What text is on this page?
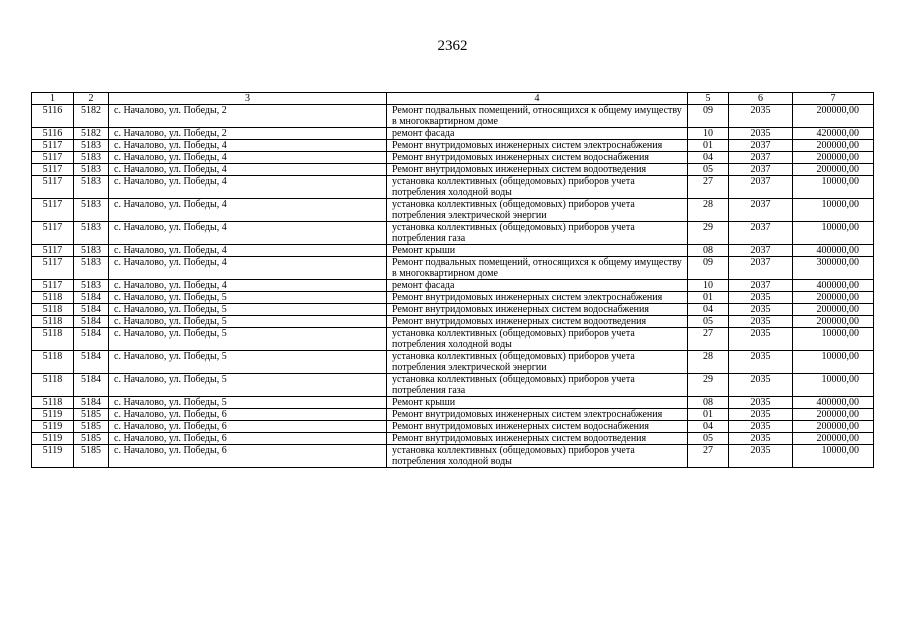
2362
1	2	3	4	5	6	7
5116	5182	с. Началово, ул. Победы, 2	Ремонт подвальных помещений, относящихся к общему имуществу в многоквартирном доме	09	2035	200000,00
5116	5182	с. Началово, ул. Победы, 2	ремонт фасада	10	2035	420000,00
5117	5183	с. Началово, ул. Победы, 4	Ремонт внутридомовых инженерных систем электроснабжения	01	2037	200000,00
5117	5183	с. Началово, ул. Победы, 4	Ремонт внутридомовых инженерных систем водоснабжения	04	2037	200000,00
5117	5183	с. Началово, ул. Победы, 4	Ремонт внутридомовых инженерных систем водоотведения	05	2037	200000,00
5117	5183	с. Началово, ул. Победы, 4	установка коллективных (общедомовых) приборов учета потребления холодной воды	27	2037	10000,00
5117	5183	с. Началово, ул. Победы, 4	установка коллективных (общедомовых) приборов учета потребления электрической энергии	28	2037	10000,00
5117	5183	с. Началово, ул. Победы, 4	установка коллективных (общедомовых) приборов учета потребления газа	29	2037	10000,00
5117	5183	с. Началово, ул. Победы, 4	Ремонт крыши	08	2037	400000,00
5117	5183	с. Началово, ул. Победы, 4	Ремонт подвальных помещений, относящихся к общему имуществу в многоквартирном доме	09	2037	300000,00
5117	5183	с. Началово, ул. Победы, 4	ремонт фасада	10	2037	400000,00
5118	5184	с. Началово, ул. Победы, 5	Ремонт внутридомовых инженерных систем электроснабжения	01	2035	200000,00
5118	5184	с. Началово, ул. Победы, 5	Ремонт внутридомовых инженерных систем водоснабжения	04	2035	200000,00
5118	5184	с. Началово, ул. Победы, 5	Ремонт внутридомовых инженерных систем водоотведения	05	2035	200000,00
5118	5184	с. Началово, ул. Победы, 5	установка коллективных (общедомовых) приборов учета потребления холодной воды	27	2035	10000,00
5118	5184	с. Началово, ул. Победы, 5	установка коллективных (общедомовых) приборов учета потребления электрической энергии	28	2035	10000,00
5118	5184	с. Началово, ул. Победы, 5	установка коллективных (общедомовых) приборов учета потребления газа	29	2035	10000,00
5118	5184	с. Началово, ул. Победы, 5	Ремонт крыши	08	2035	400000,00
5119	5185	с. Началово, ул. Победы, 6	Ремонт внутридомовых инженерных систем электроснабжения	01	2035	200000,00
5119	5185	с. Началово, ул. Победы, 6	Ремонт внутридомовых инженерных систем водоснабжения	04	2035	200000,00
5119	5185	с. Началово, ул. Победы, 6	Ремонт внутридомовых инженерных систем водоотведения	05	2035	200000,00
5119	5185	с. Началово, ул. Победы, 6	установка коллективных (общедомовых) приборов учета потребления холодной воды	27	2035	10000,00
